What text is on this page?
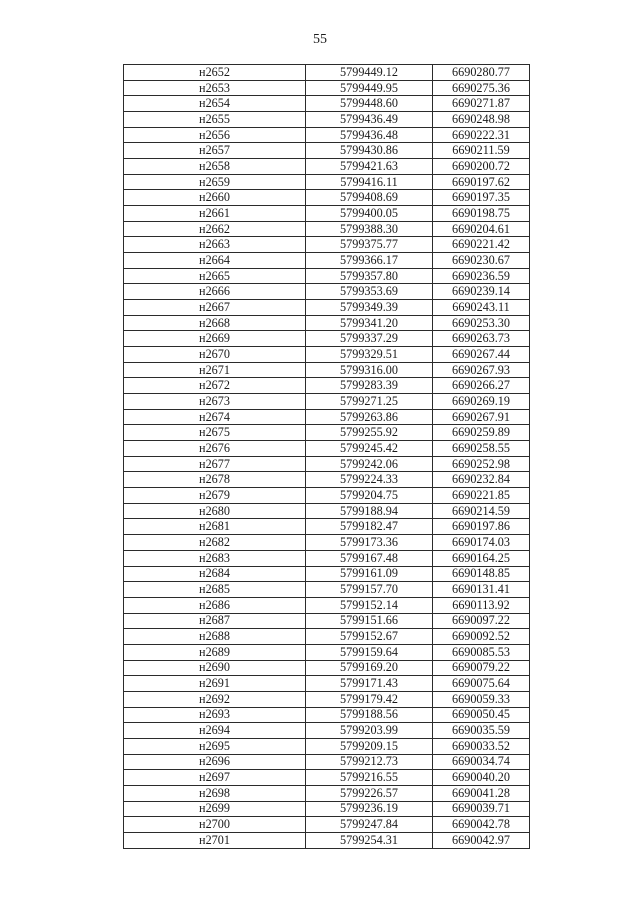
55
н2652	5799449.12	6690280.77
н2653	5799449.95	6690275.36
н2654	5799448.60	6690271.87
н2655	5799436.49	6690248.98
н2656	5799436.48	6690222.31
н2657	5799430.86	6690211.59
н2658	5799421.63	6690200.72
н2659	5799416.11	6690197.62
н2660	5799408.69	6690197.35
н2661	5799400.05	6690198.75
н2662	5799388.30	6690204.61
н2663	5799375.77	6690221.42
н2664	5799366.17	6690230.67
н2665	5799357.80	6690236.59
н2666	5799353.69	6690239.14
н2667	5799349.39	6690243.11
н2668	5799341.20	6690253.30
н2669	5799337.29	6690263.73
н2670	5799329.51	6690267.44
н2671	5799316.00	6690267.93
н2672	5799283.39	6690266.27
н2673	5799271.25	6690269.19
н2674	5799263.86	6690267.91
н2675	5799255.92	6690259.89
н2676	5799245.42	6690258.55
н2677	5799242.06	6690252.98
н2678	5799224.33	6690232.84
н2679	5799204.75	6690221.85
н2680	5799188.94	6690214.59
н2681	5799182.47	6690197.86
н2682	5799173.36	6690174.03
н2683	5799167.48	6690164.25
н2684	5799161.09	6690148.85
н2685	5799157.70	6690131.41
н2686	5799152.14	6690113.92
н2687	5799151.66	6690097.22
н2688	5799152.67	6690092.52
н2689	5799159.64	6690085.53
н2690	5799169.20	6690079.22
н2691	5799171.43	6690075.64
н2692	5799179.42	6690059.33
н2693	5799188.56	6690050.45
н2694	5799203.99	6690035.59
н2695	5799209.15	6690033.52
н2696	5799212.73	6690034.74
н2697	5799216.55	6690040.20
н2698	5799226.57	6690041.28
н2699	5799236.19	6690039.71
н2700	5799247.84	6690042.78
н2701	5799254.31	6690042.97
